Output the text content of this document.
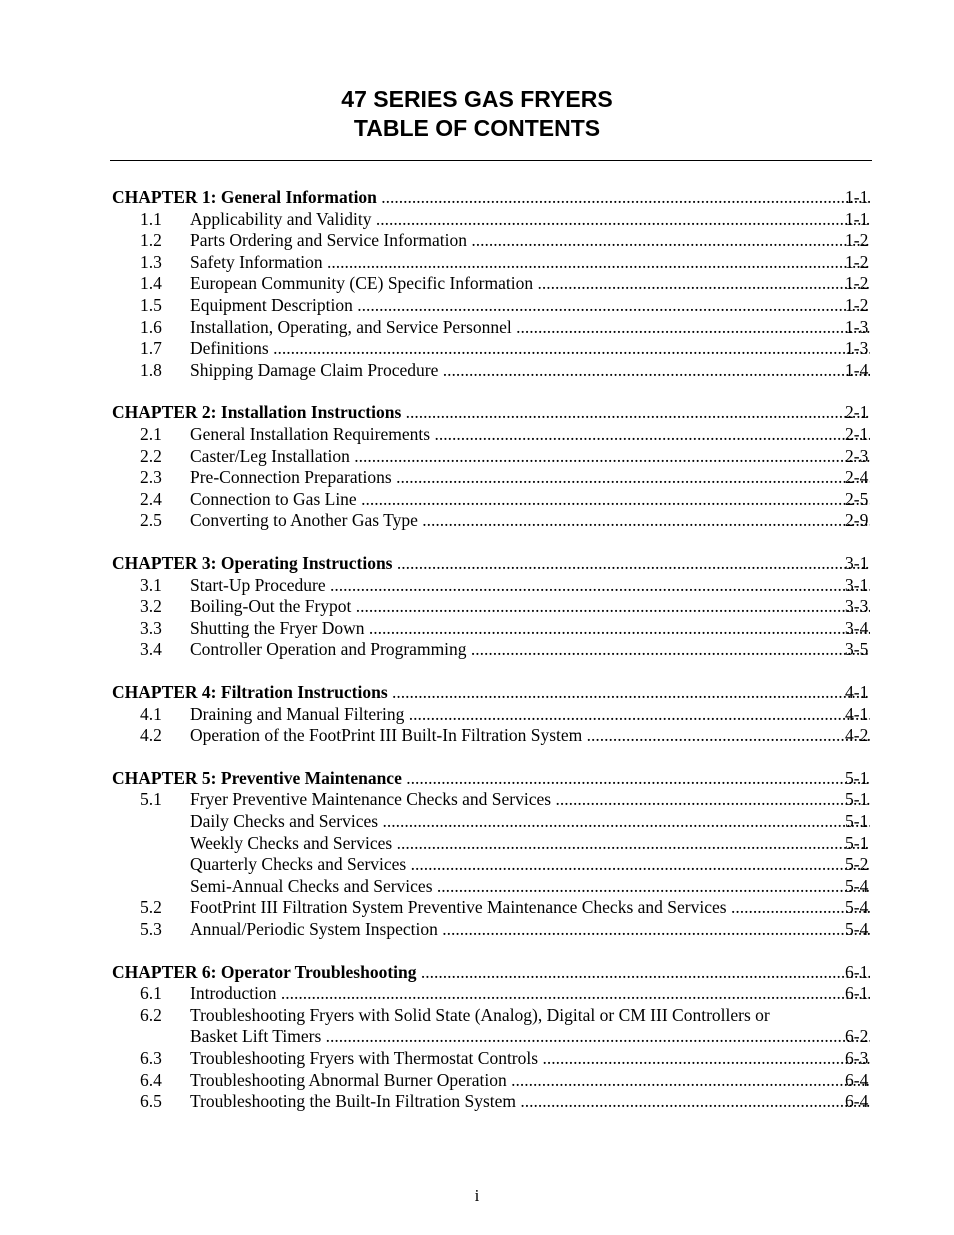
47 SERIES GAS FRYERS
TABLE OF CONTENTS
CHAPTER 1: General Information .....	1-1
1.1 Applicability and Validity .....	1-1
1.2 Parts Ordering and Service Information .....	1-2
1.3 Safety Information .....	1-2
1.4 European Community (CE) Specific Information .....	1-2
1.5 Equipment Description .....	1-2
1.6 Installation, Operating, and Service Personnel .....	1-3
1.7 Definitions .....	1-3
1.8 Shipping Damage Claim Procedure .....	1-4
CHAPTER 2: Installation Instructions .....	2-1
2.1 General Installation Requirements .....	2-1
2.2 Caster/Leg Installation .....	2-3
2.3 Pre-Connection Preparations .....	2-4
2.4 Connection to Gas Line .....	2-5
2.5 Converting to Another Gas Type .....	2-9
CHAPTER 3: Operating Instructions .....	3-1
3.1 Start-Up Procedure .....	3-1
3.2 Boiling-Out the Frypot .....	3-3
3.3 Shutting the Fryer Down .....	3-4
3.4 Controller Operation and Programming .....	3-5
CHAPTER 4: Filtration Instructions .....	4-1
4.1 Draining and Manual Filtering .....	4-1
4.2 Operation of the FootPrint III Built-In Filtration System .....	4-2
CHAPTER 5: Preventive Maintenance .....	5-1
5.1 Fryer Preventive Maintenance Checks and Services .....	5-1
Daily Checks and Services .....	5-1
Weekly Checks and Services .....	5-1
Quarterly Checks and Services .....	5-2
Semi-Annual Checks and Services .....	5-4
5.2 FootPrint III Filtration System Preventive Maintenance Checks and Services .....	5-4
5.3 Annual/Periodic System Inspection .....	5-4
CHAPTER 6: Operator Troubleshooting .....	6-1
6.1 Introduction .....	6-1
6.2 Troubleshooting Fryers with Solid State (Analog), Digital or CM III Controllers or
Basket Lift Timers .....	6-2
6.3 Troubleshooting Fryers with Thermostat Controls .....	6-3
6.4 Troubleshooting Abnormal Burner Operation .....	6-4
6.5 Troubleshooting the Built-In Filtration System .....	6-4
i
